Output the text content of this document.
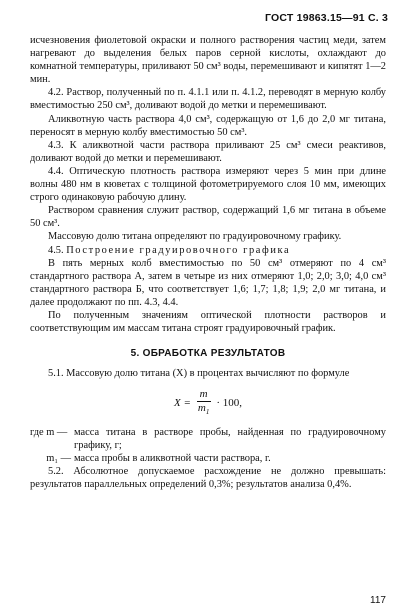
ГОСТ 19863.15—91 С. 3

исчезновения фиолетовой окраски и полного растворения частиц меди, затем нагревают до выделения белых паров серной кислоты, охлаждают до комнатной температуры, приливают 50 см³ воды, перемешивают и кипятят 1—2 мин.

4.2. Раствор, полученный по п. 4.1.1 или п. 4.1.2, переводят в мерную колбу вместимостью 250 см³, доливают водой до метки и перемешивают.

Аликвотную часть раствора 4,0 см³, содержащую от 1,6 до 2,0 мг титана, переносят в мерную колбу вместимостью 50 см³.

4.3. К аликвотной части раствора приливают 25 см³ смеси реактивов, доливают водой до метки и перемешивают.

4.4. Оптическую плотность раствора измеряют через 5 мин при длине волны 480 нм в кюветах с толщиной фотометрируемого слоя 10 мм, имеющих строго одинаковую рабочую длину.

Раствором сравнения служит раствор, содержащий 1,6 мг титана в объеме 50 см³.

Массовую долю титана определяют по градуировочному графику.

4.5. Построение градуировочного графика

В пять мерных колб вместимостью по 50 см³ отмеряют по 4 см³ стандартного раствора А, затем в четыре из них отмеряют 1,0; 2,0; 3,0; 4,0 см³ стандартного раствора Б, что соответствует 1,6; 1,7; 1,8; 1,9; 2,0 мг титана, и далее продолжают по пп. 4.3, 4.4.

По полученным значениям оптической плотности растворов и соответствующим им массам титана строят градуировочный график.

5. ОБРАБОТКА РЕЗУЛЬТАТОВ

5.1. Массовую долю титана (X) в процентах вычисляют по формуле

$X = \frac{m}{m_1} \cdot 100$,
где m — масса титана в растворе пробы, найденная по градуировочному графику, г;
m₁ — масса пробы в аликвотной части раствора, г.

5.2. Абсолютное допускаемое расхождение не должно превышать: результатов параллельных определений 0,3%; результатов анализа 0,4%.

117
